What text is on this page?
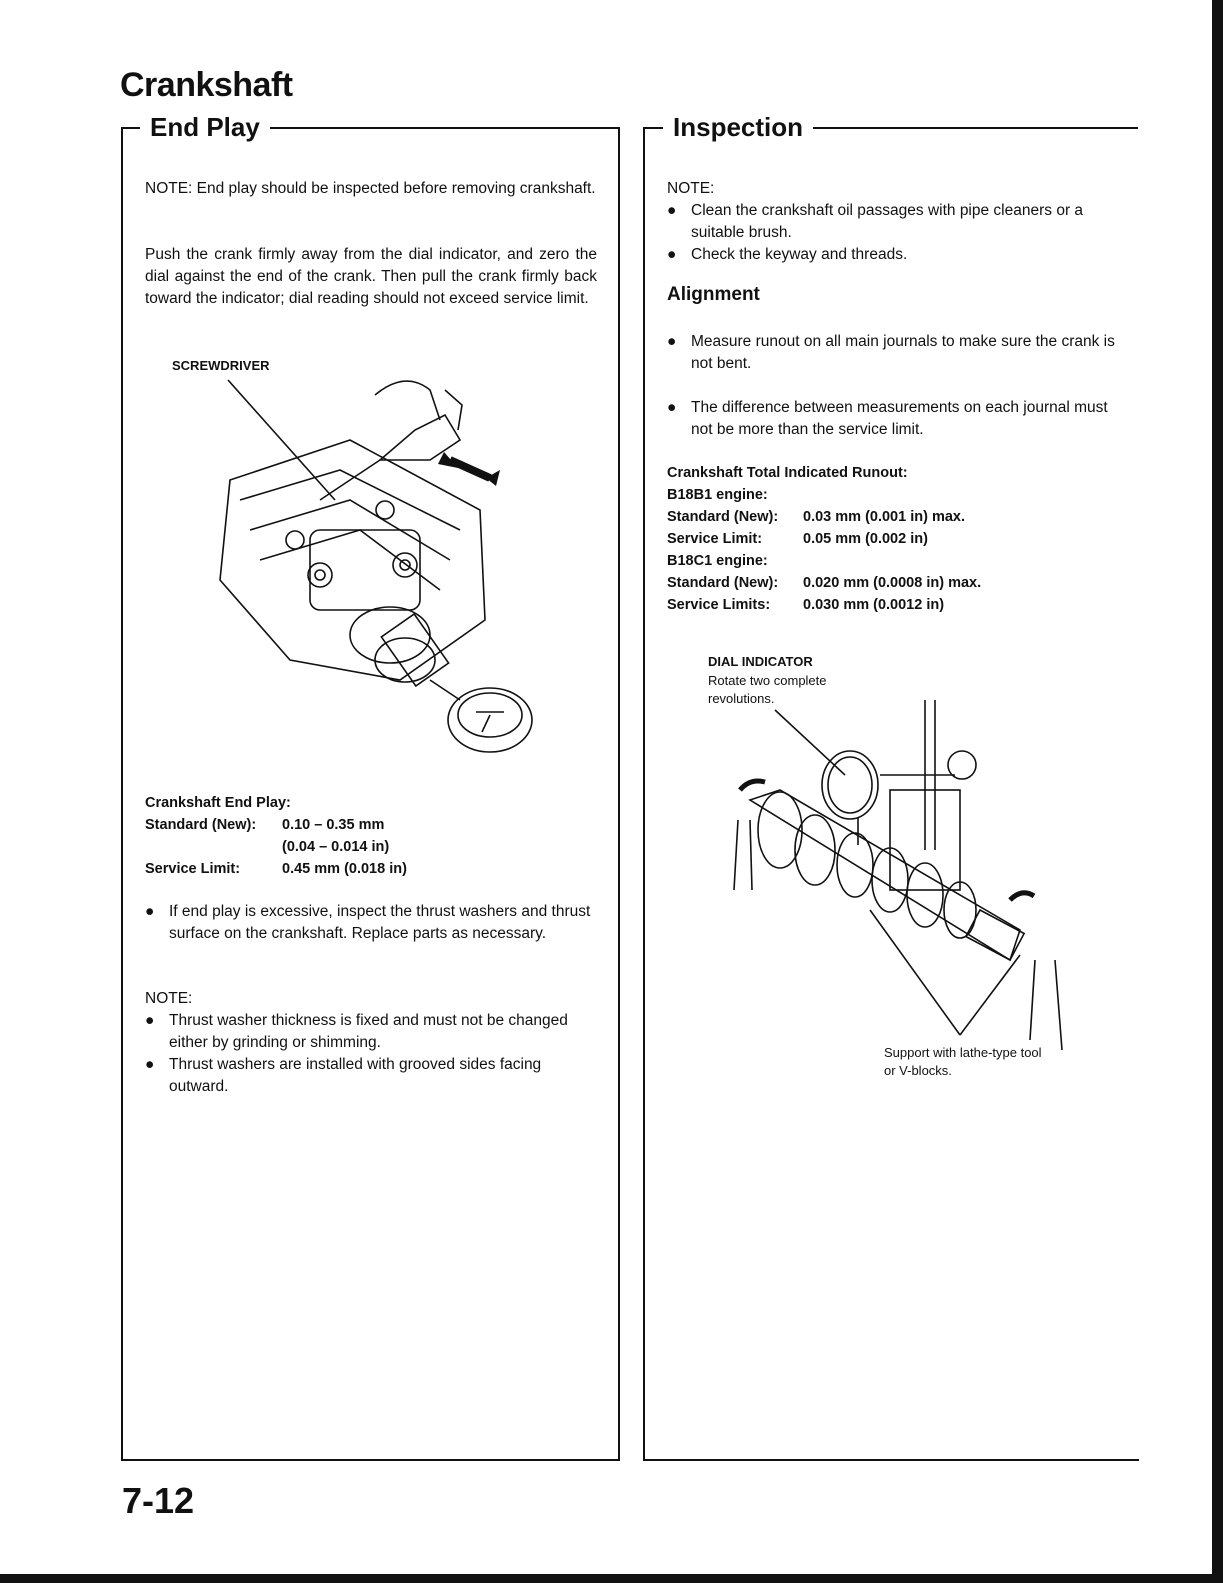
Crankshaft
End Play
NOTE: End play should be inspected before removing crankshaft.
Push the crank firmly away from the dial indicator, and zero the dial against the end of the crank. Then pull the crank firmly back toward the indicator; dial reading should not exceed service limit.
SCREWDRIVER
Crankshaft End Play:
Standard (New): 0.10 – 0.35 mm
(0.04 – 0.014 in)
Service Limit:	0.45 mm (0.018 in)
● If end play is excessive, inspect the thrust washers and thrust surface on the crankshaft. Replace parts as necessary.
NOTE:
● Thrust washer thickness is fixed and must not be changed either by grinding or shimming.
● Thrust washers are installed with grooved sides facing outward.
Inspection
NOTE:
● Clean the crankshaft oil passages with pipe cleaners or a suitable brush.
● Check the keyway and threads.
Alignment
● Measure runout on all main journals to make sure the crank is not bent.
● The difference between measurements on each journal must not be more than the service limit.
Crankshaft Total Indicated Runout:
B18B1 engine:
Standard (New): 0.03 mm (0.001 in) max.
Service Limit:	0.05 mm (0.002 in)
B18C1 engine:
Standard (New): 0.020 mm (0.0008 in) max.
Service Limits: 0.030 mm (0.0012 in)
DIAL INDICATOR
Rotate two complete revolutions.
Support with lathe-type tool or V-blocks.
7-12
